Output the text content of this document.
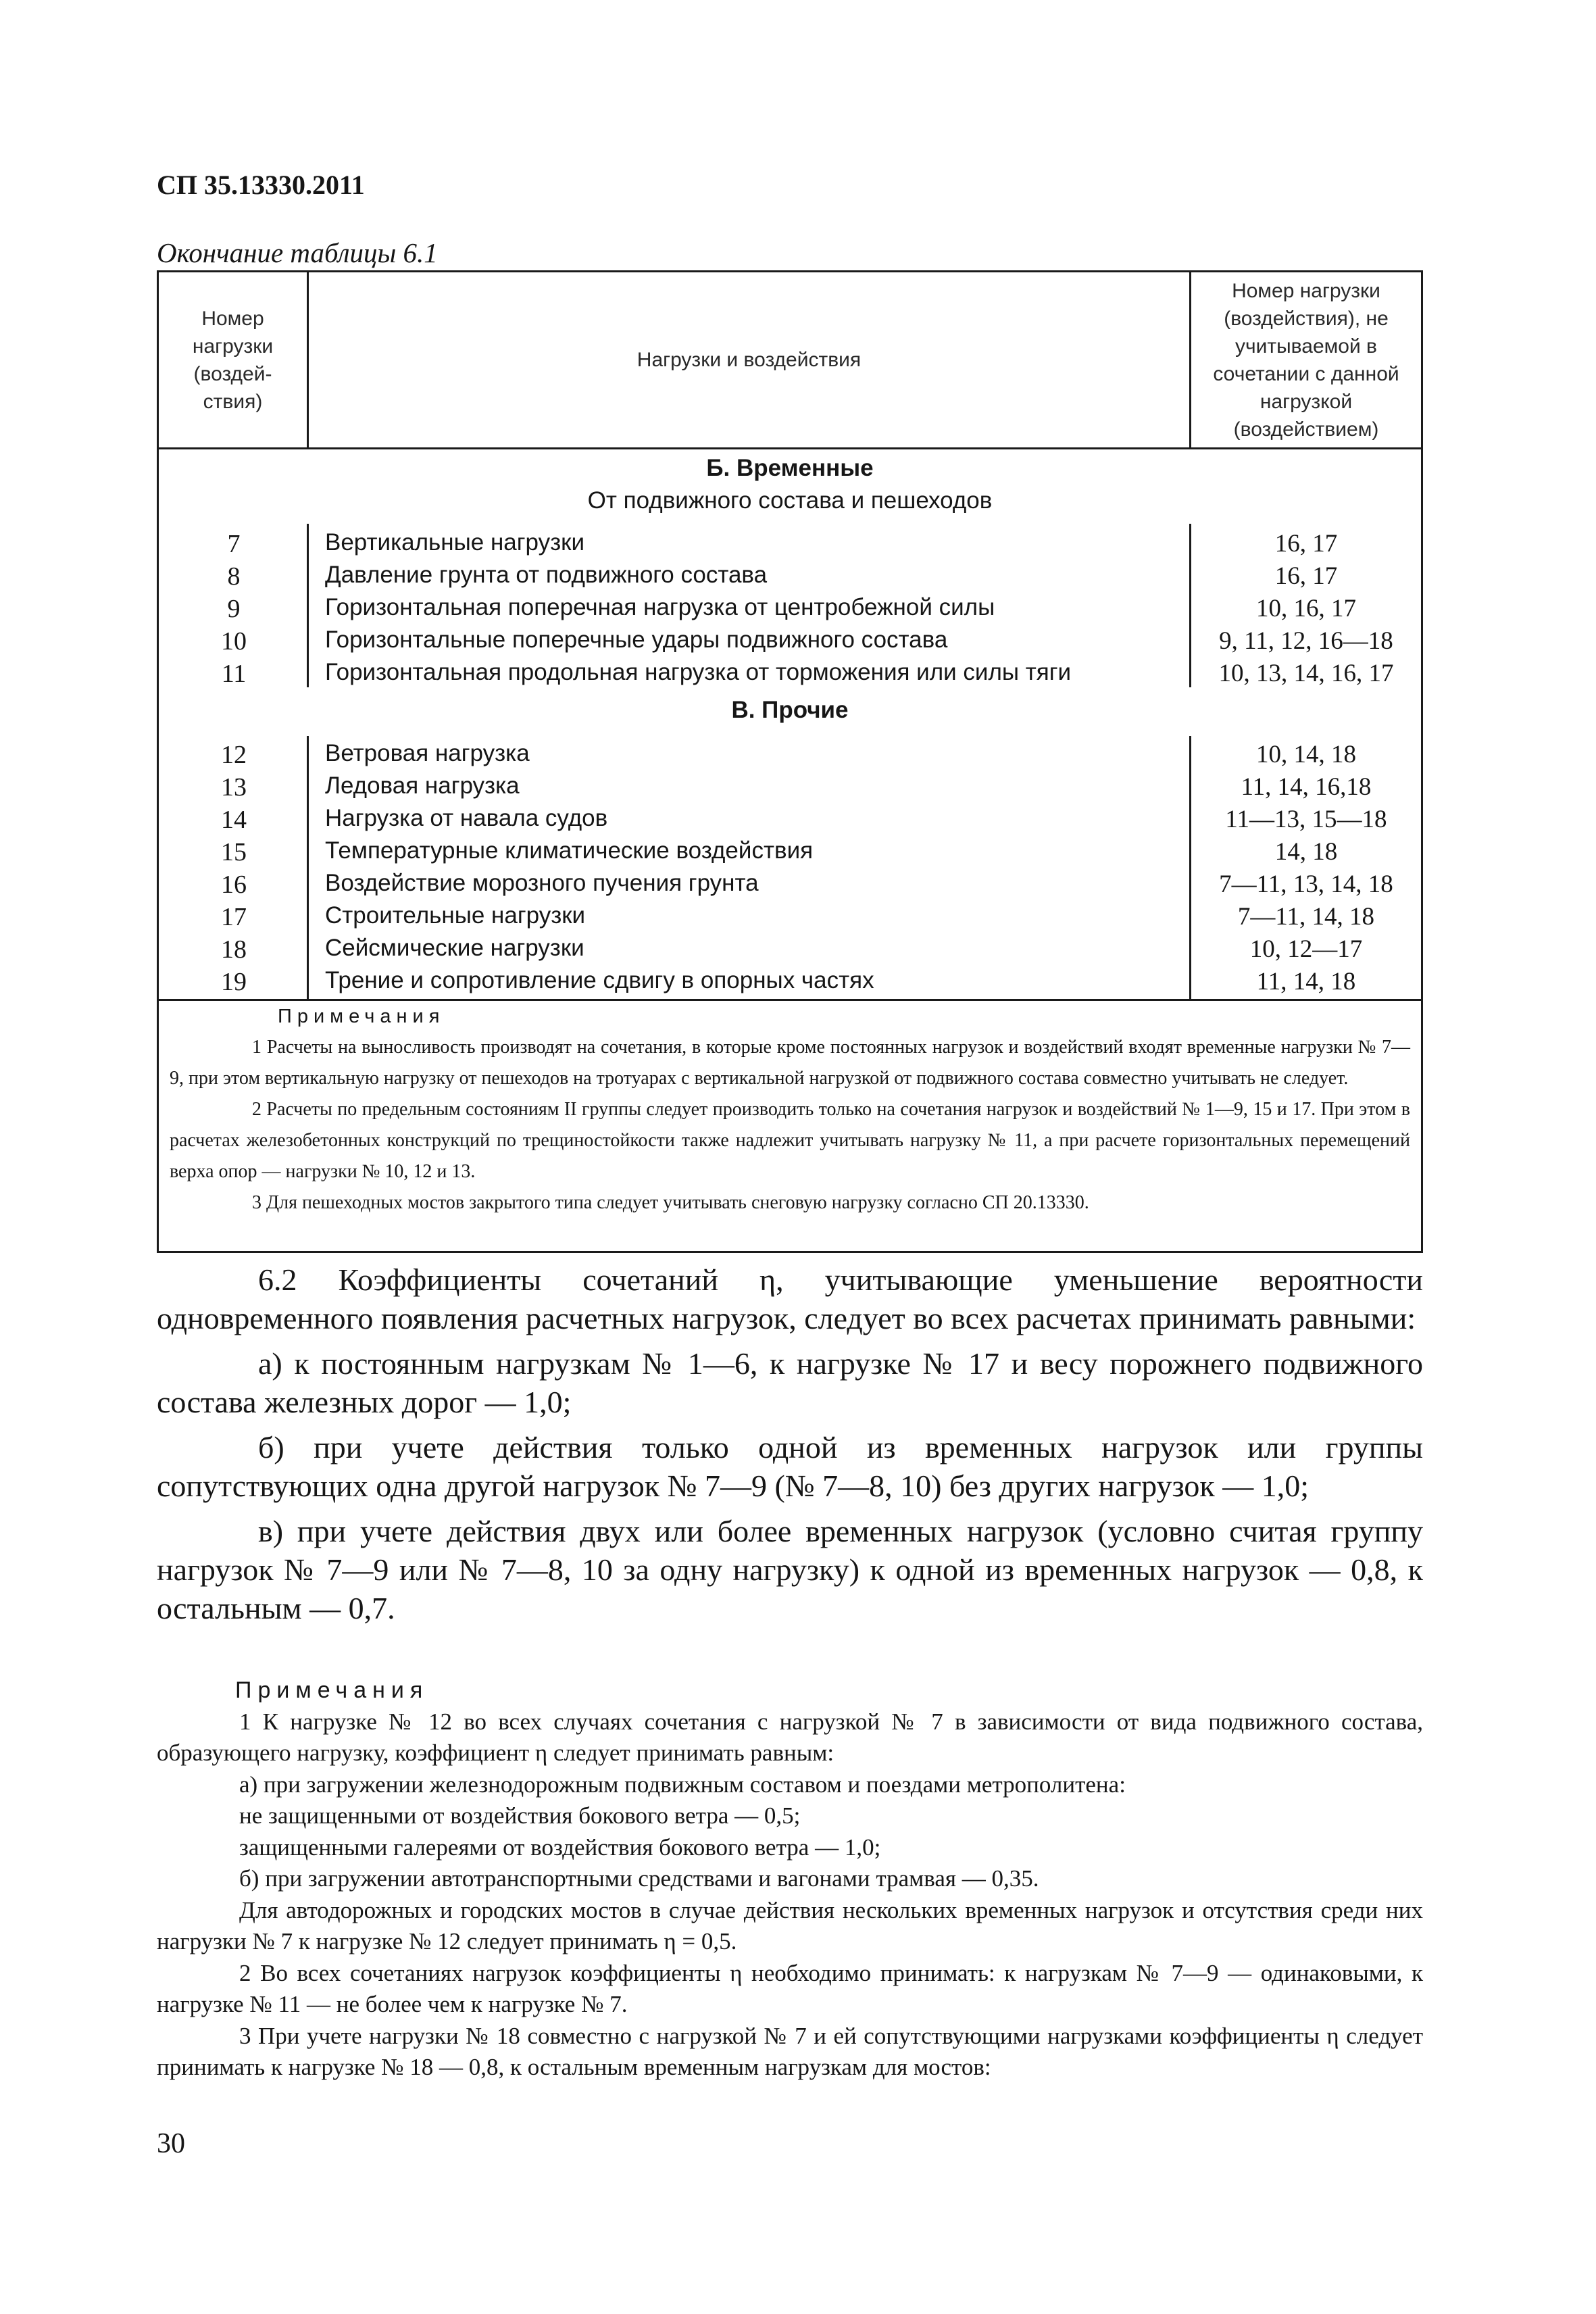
СП 35.13330.2011
Окончание таблицы 6.1
Номер
нагрузки
(воздей-
ствия)
Нагрузки и воздействия
Номер нагрузки
(воздействия), не
учитываемой в
сочетании с данной
нагрузкой
(воздействием)
Б. Временные
От подвижного состава и пешеходов
7	Вертикальные нагрузки	16, 17
8	Давление грунта от подвижного состава	16, 17
9	Горизонтальная поперечная нагрузка от центробежной силы	10, 16, 17
10	Горизонтальные поперечные удары подвижного состава	9, 11, 12, 16—18
11	Горизонтальная продольная нагрузка от торможения или силы тяги	10, 13, 14, 16, 17
В. Прочие
12	Ветровая нагрузка	10, 14, 18
13	Ледовая нагрузка	11, 14, 16,18
14	Нагрузка от навала судов	11—13, 15—18
15	Температурные климатические воздействия	14, 18
16	Воздействие морозного пучения грунта	7—11, 13, 14, 18
17	Строительные нагрузки	7—11, 14, 18
18	Сейсмические нагрузки	10, 12—17
19	Трение и сопротивление сдвигу в опорных частях	11, 14, 18
Примечания

1 Расчеты на выносливость производят на сочетания, в которые кроме постоянных нагрузок и воздействий входят временные нагрузки № 7—9, при этом вертикальную нагрузку от пешеходов на тротуарах с вертикальной нагрузкой от подвижного состава совместно учитывать не следует.

2 Расчеты по предельным состояниям II группы следует производить только на сочетания нагрузок и воздействий № 1—9, 15 и 17. При этом в расчетах железобетонных конструкций по трещиностойкости также надлежит учитывать нагрузку № 11, а при расчете горизонтальных перемещений верха опор — нагрузки № 10, 12 и 13.

3 Для пешеходных мостов закрытого типа следует учитывать снеговую нагрузку согласно СП 20.13330.

6.2 Коэффициенты сочетаний η, учитывающие уменьшение вероятности одновременного появления расчетных нагрузок, следует во всех расчетах принимать равными:

а) к постоянным нагрузкам № 1—6, к нагрузке № 17 и весу порожнего подвижного состава железных дорог — 1,0;

б) при учете действия только одной из временных нагрузок или группы сопутствующих одна другой нагрузок № 7—9 (№ 7—8, 10) без других нагрузок — 1,0;

в) при учете действия двух или более временных нагрузок (условно считая группу нагрузок № 7—9 или № 7—8, 10 за одну нагрузку) к одной из временных нагрузок — 0,8, к остальным — 0,7.

Примечания

1 К нагрузке № 12 во всех случаях сочетания с нагрузкой № 7 в зависимости от вида подвижного состава, образующего нагрузку, коэффициент η следует принимать равным:

а) при загружении железнодорожным подвижным составом и поездами метрополитена:

не защищенными от воздействия бокового ветра — 0,5;

защищенными галереями от воздействия бокового ветра — 1,0;

б) при загружении автотранспортными средствами и вагонами трамвая — 0,35.

Для автодорожных и городских мостов в случае действия нескольких временных нагрузок и отсутствия среди них нагрузки № 7 к нагрузке № 12 следует принимать η = 0,5.

2 Во всех сочетаниях нагрузок коэффициенты η необходимо принимать: к нагрузкам № 7—9 — одинаковыми, к нагрузке № 11 — не более чем к нагрузке № 7.

3 При учете нагрузки № 18 совместно с нагрузкой № 7 и ей сопутствующими нагрузками коэффициенты η следует принимать к нагрузке № 18 — 0,8, к остальным временным нагрузкам для мостов:

30
